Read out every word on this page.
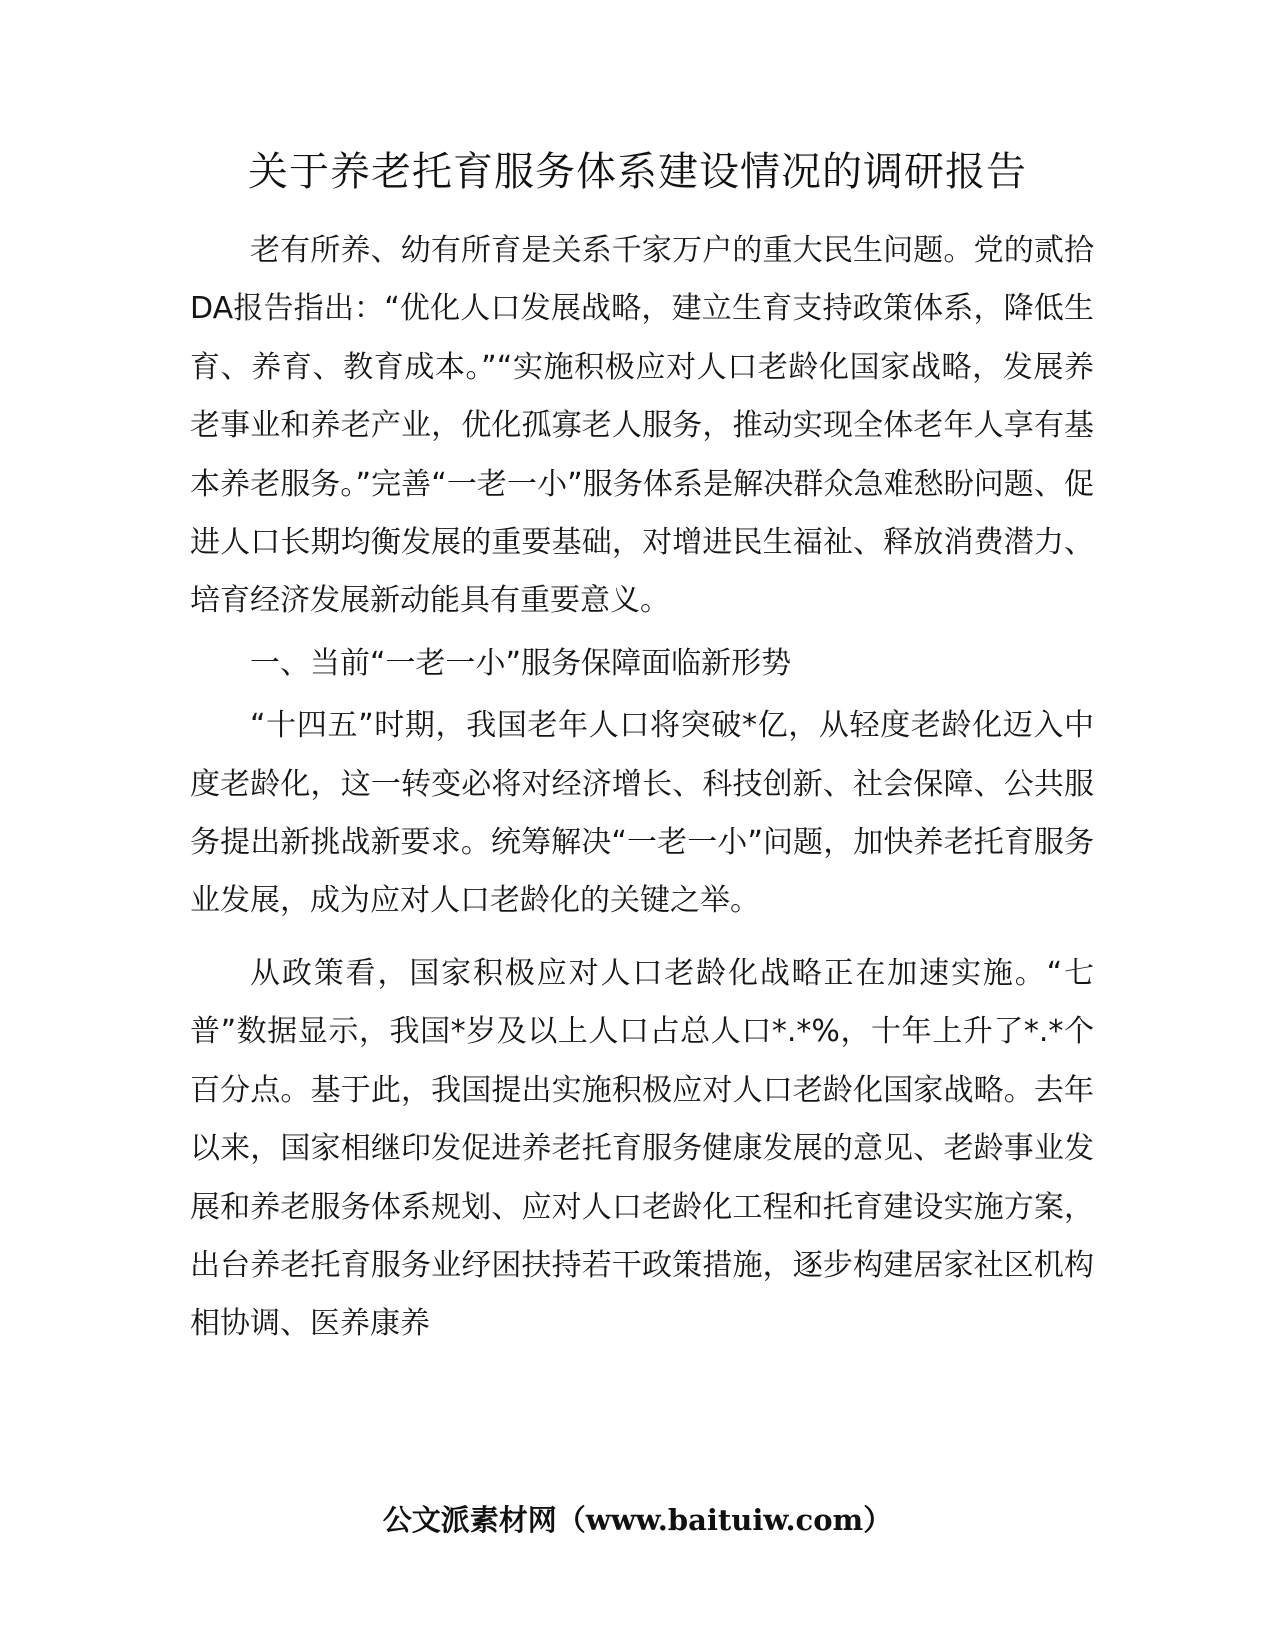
关于养老托育服务体系建设情况的调研报告

老有所养、幼有所育是关系千家万户的重大民生问题。党的贰拾DA报告指出：“优化人口发展战略，建立生育支持政策体系，降低生育、养育、教育成本。”“实施积极应对人口老龄化国家战略，发展养老事业和养老产业，优化孤寡老人服务，推动实现全体老年人享有基本养老服务。”完善“一老一小”服务体系是解决群众急难愁盼问题、促进人口长期均衡发展的重要基础，对增进民生福祉、释放消费潜力、培育经济发展新动能具有重要意义。

一、当前“一老一小”服务保障面临新形势

“十四五”时期，我国老年人口将突破*亿，从轻度老龄化迈入中度老龄化，这一转变必将对经济增长、科技创新、社会保障、公共服务提出新挑战新要求。统筹解决“一老一小”问题，加快养老托育服务业发展，成为应对人口老龄化的关键之举。

从政策看，国家积极应对人口老龄化战略正在加速实施。“七普”数据显示，我国*岁及以上人口占总人口*.*%，十年上升了*.*个百分点。基于此，我国提出实施积极应对人口老龄化国家战略。去年以来，国家相继印发促进养老托育服务健康发展的意见、老龄事业发展和养老服务体系规划、应对人口老龄化工程和托育建设实施方案，出台养老托育服务业纾困扶持若干政策措施，逐步构建居家社区机构相协调、医养康养

公文派素材网（www.baituiw.com）
